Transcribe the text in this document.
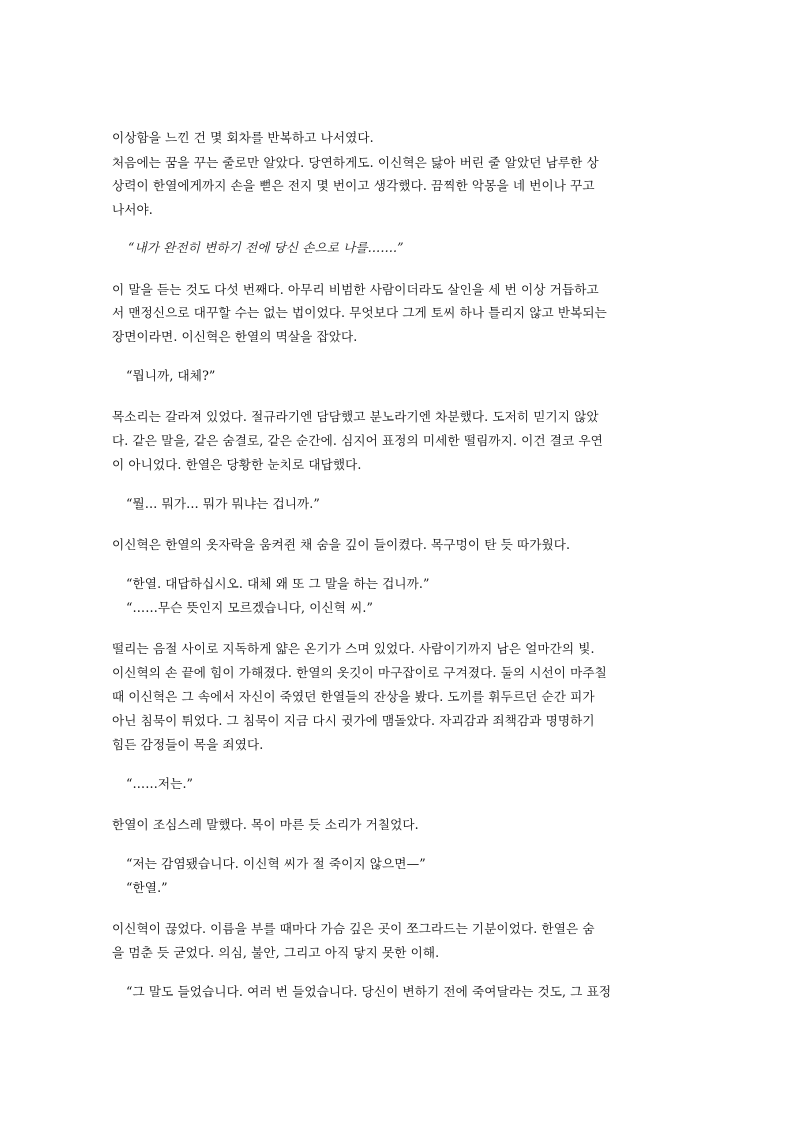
이상함을 느낀 건 몇 회차를 반복하고 나서였다.

처음에는 꿈을 꾸는 줄로만 알았다. 당연하게도. 이신혁은 닳아 버린 줄 알았던 남루한 상

상력이 한열에게까지 손을 뻗은 전지 몇 번이고 생각했다. 끔찍한 악몽을 네 번이나 꾸고

나서야.

“내가 완전히 변하기 전에 당신 손으로 나를…….”

이 말을 듣는 것도 다섯 번째다. 아무리 비범한 사람이더라도 살인을 세 번 이상 거듭하고

서 맨정신으로 대꾸할 수는 없는 법이었다. 무엇보다 그게 토씨 하나 틀리지 않고 반복되는

장면이라면. 이신혁은 한열의 멱살을 잡았다.

“뭡니까, 대체?”

목소리는 갈라져 있었다. 절규라기엔 담담했고 분노라기엔 차분했다. 도저히 믿기지 않았

다. 같은 말을, 같은 숨결로, 같은 순간에. 심지어 표정의 미세한 떨림까지. 이건 결코 우연

이 아니었다. 한열은 당황한 눈치로 대답했다.

“뭘… 뭐가… 뭐가 뭐냐는 겁니까.”

이신혁은 한열의 옷자락을 움켜쥔 채 숨을 깊이 들이켰다. 목구멍이 탄 듯 따가웠다.

“한열. 대답하십시오. 대체 왜 또 그 말을 하는 겁니까.”

“……무슨 뜻인지 모르겠습니다, 이신혁 씨.”

떨리는 음절 사이로 지독하게 얇은 온기가 스며 있었다. 사람이기까지 남은 얼마간의 빛.

이신혁의 손 끝에 힘이 가해졌다. 한열의 옷깃이 마구잡이로 구겨졌다. 둘의 시선이 마주칠

때 이신혁은 그 속에서 자신이 죽였던 한열들의 잔상을 봤다. 도끼를 휘두르던 순간 피가

아닌 침묵이 튀었다. 그 침묵이 지금 다시 귓가에 맴돌았다. 자괴감과 죄책감과 명명하기

힘든 감정들이 목을 죄였다.

“……저는.”

한열이 조심스레 말했다. 목이 마른 듯 소리가 거칠었다.

“저는 감염됐습니다. 이신혁 씨가 절 죽이지 않으면—”

“한열.”

이신혁이 끊었다. 이름을 부를 때마다 가슴 깊은 곳이 쪼그라드는 기분이었다. 한열은 숨

을 멈춘 듯 굳었다. 의심, 불안, 그리고 아직 닿지 못한 이해.

“그 말도 들었습니다. 여러 번 들었습니다. 당신이 변하기 전에 죽여달라는 것도, 그 표정
